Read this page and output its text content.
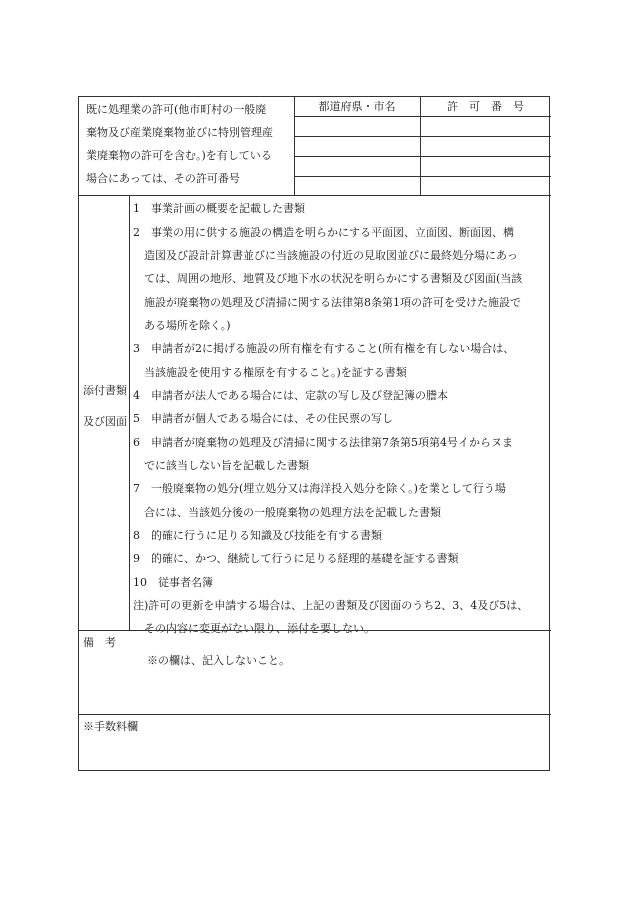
既に処理業の許可(他市町村の一般廃
棄物及び産業廃棄物並びに特別管理産
業廃棄物の許可を含む。)を有している
場合にあっては、その許可番号
都道府県・市名	許　可　番　号
添付書類
及び図面
1　事業計画の概要を記載した書類
2　事業の用に供する施設の構造を明らかにする平面図、立面図、断面図、構
　造図及び設計計算書並びに当該施設の付近の見取図並びに最終処分場にあっ
　ては、周囲の地形、地質及び地下水の状況を明らかにする書類及び図面(当該
　施設が廃棄物の処理及び清掃に関する法律第8条第1項の許可を受けた施設で
　ある場所を除く。)
3　申請者が2に掲げる施設の所有権を有すること(所有権を有しない場合は、
　当該施設を使用する権原を有すること。)を証する書類
4　申請者が法人である場合には、定款の写し及び登記簿の謄本
5　申請者が個人である場合には、その住民票の写し
6　申請者が廃棄物の処理及び清掃に関する法律第7条第5項第4号イからヌま
　でに該当しない旨を記載した書類
7　一般廃棄物の処分(埋立処分又は海洋投入処分を除く。)を業として行う場
　合には、当該処分後の一般廃棄物の処理方法を記載した書類
8　的確に行うに足りる知識及び技能を有する書類
9　的確に、かつ、継続して行うに足りる経理的基礎を証する書類
10　従事者名簿
注)許可の更新を申請する場合は、上記の書類及び図面のうち2、3、4及び5は、
　その内容に変更がない限り、添付を要しない。
備　考
※の欄は、記入しないこと。
※手数料欄
